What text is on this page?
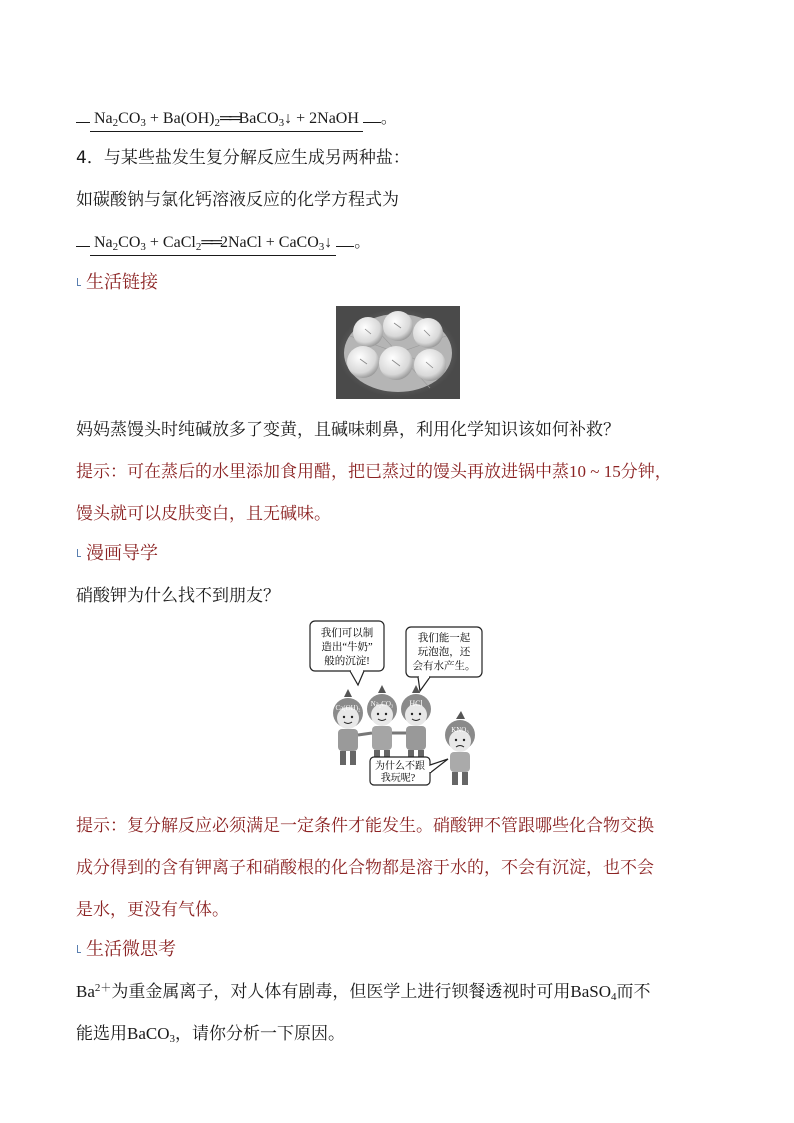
$Na_2CO_3$ + $Ba(OH)_2══BaCO_3↓$ + 2NaOH 。
4．与某些盐发生复分解反应生成另两种盐：
如碳酸钠与氯化钙溶液反应的化学方程式为
$Na_2CO_3$ + CaCl$_2$══2NaCl + CaCO$_3$↓ 。
生活链接
妈妈蒸馒头时纯碱放多了变黄，且碱味刺鼻，利用化学知识该如何补救？
提示：可在蒸后的水里添加食用醋，把已蒸过的馒头再放进锅中蒸10 ~ 15分钟，
馒头就可以皮肤变白，且无碱味。
漫画导学
硝酸钾为什么找不到朋友？
我们可以制
造出“牛奶”
般的沉淀!
我们能一起
玩泡泡，还
会有水产生。
Ca(OH)₂ Na₂CO₃ HCl
KNO₃
为什么不跟
我玩呢?
提示：复分解反应必须满足一定条件才能发生。硝酸钾不管跟哪些化合物交换
成分得到的含有钾离子和硝酸根的化合物都是溶于水的，不会有沉淀，也不会
是水，更没有气体。
生活微思考
$Ba^{2+}$为重金属离子，对人体有剧毒，但医学上进行钡餐透视时可用BaSO$_4$而不
能选用BaCO$_3$，请你分析一下原因。
